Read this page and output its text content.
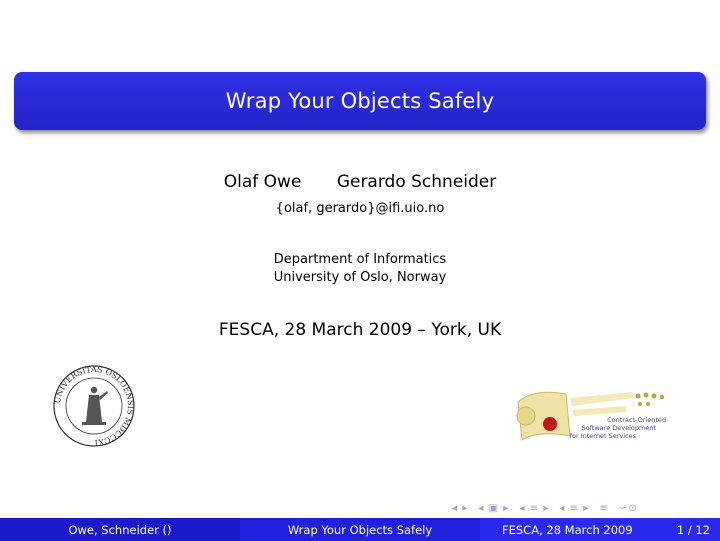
Wrap Your Objects Safely
Olaf Owe Gerardo Schneider
{olaf, gerardo}@ifi.uio.no
Department of Informatics
University of Oslo, Norway
FESCA, 28 March 2009 – York, UK
UNIVERSITAS OSLOENSIS MDCCCXI
Contract-Oriented
Software Development
for Internet Services
◂ ▸ ◂ ▣ ▸ ◂ ≡ ▸ ◂ ≡ ▸ ≡ ∽⊙
Owe, Schneider ()	Wrap Your Objects Safely	FESCA, 28 March 2009	1 / 12
